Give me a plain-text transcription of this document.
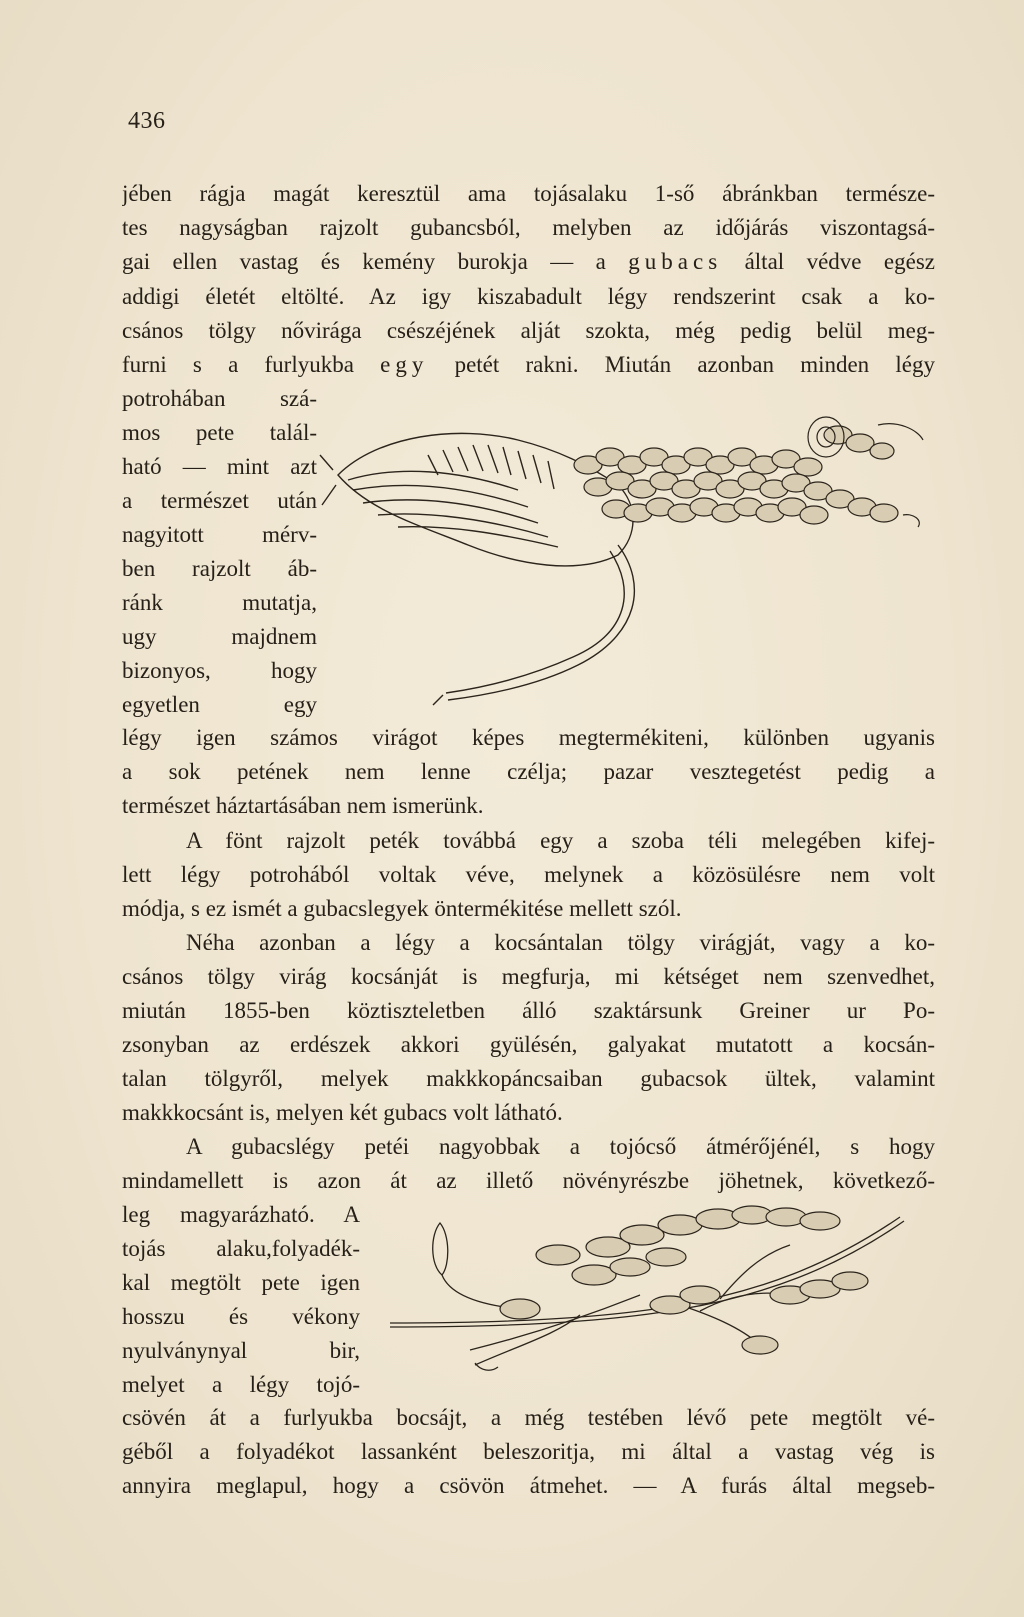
436
jében rágja magát keresztül ama tojásalaku 1-ső ábránkban természe-
tes nagyságban rajzolt gubancsból, melyben az időjárás viszontagsá-
gai ellen vastag és kemény burokja — a gubacs által védve egész
addigi életét eltölté. Az igy kiszabadult légy rendszerint csak a ko-
csános tölgy nővirága csészéjének alját szokta, még pedig belül meg-
furni s a furlyukba egy petét rakni. Miután azonban minden légy
potrohában szá-
mos pete talál-
ható — mint azt
a természet után
nagyitott mérv-
ben rajzolt áb-
ránk mutatja,
ugy majdnem
bizonyos, hogy
egyetlen egy
légy igen számos virágot képes megtermékiteni, különben ugyanis
a sok petének nem lenne czélja; pazar vesztegetést pedig a
természet háztartásában nem ismerünk.
A fönt rajzolt peték továbbá egy a szoba téli melegében kifej-
lett légy potrohából voltak véve, melynek a közösülésre nem volt
módja, s ez ismét a gubacslegyek öntermékitése mellett szól.
Néha azonban a légy a kocsántalan tölgy virágját, vagy a ko-
csános tölgy virág kocsánját is megfurja, mi kétséget nem szenvedhet,
miután 1855-ben köztiszteletben álló szaktársunk Greiner ur Po-
zsonyban az erdészek akkori gyülésén, galyakat mutatott a kocsán-
talan tölgyről, melyek makkkopáncsaiban gubacsok ültek, valamint
makkkocsánt is, melyen két gubacs volt látható.
A gubacslégy petéi nagyobbak a tojócső átmérőjénél, s hogy
mindamellett is azon át az illető növényrészbe jöhetnek, következő-
leg magyarázható. A
tojás alaku,folyadék-
kal megtölt pete igen
hosszu és vékony
nyulványnyal bir,
melyet a légy tojó-
csövén át a furlyukba bocsájt, a még testében lévő pete megtölt vé-
géből a folyadékot lassanként beleszoritja, mi által a vastag vég is
annyira meglapul, hogy a csövön átmehet. — A furás által megseb-
